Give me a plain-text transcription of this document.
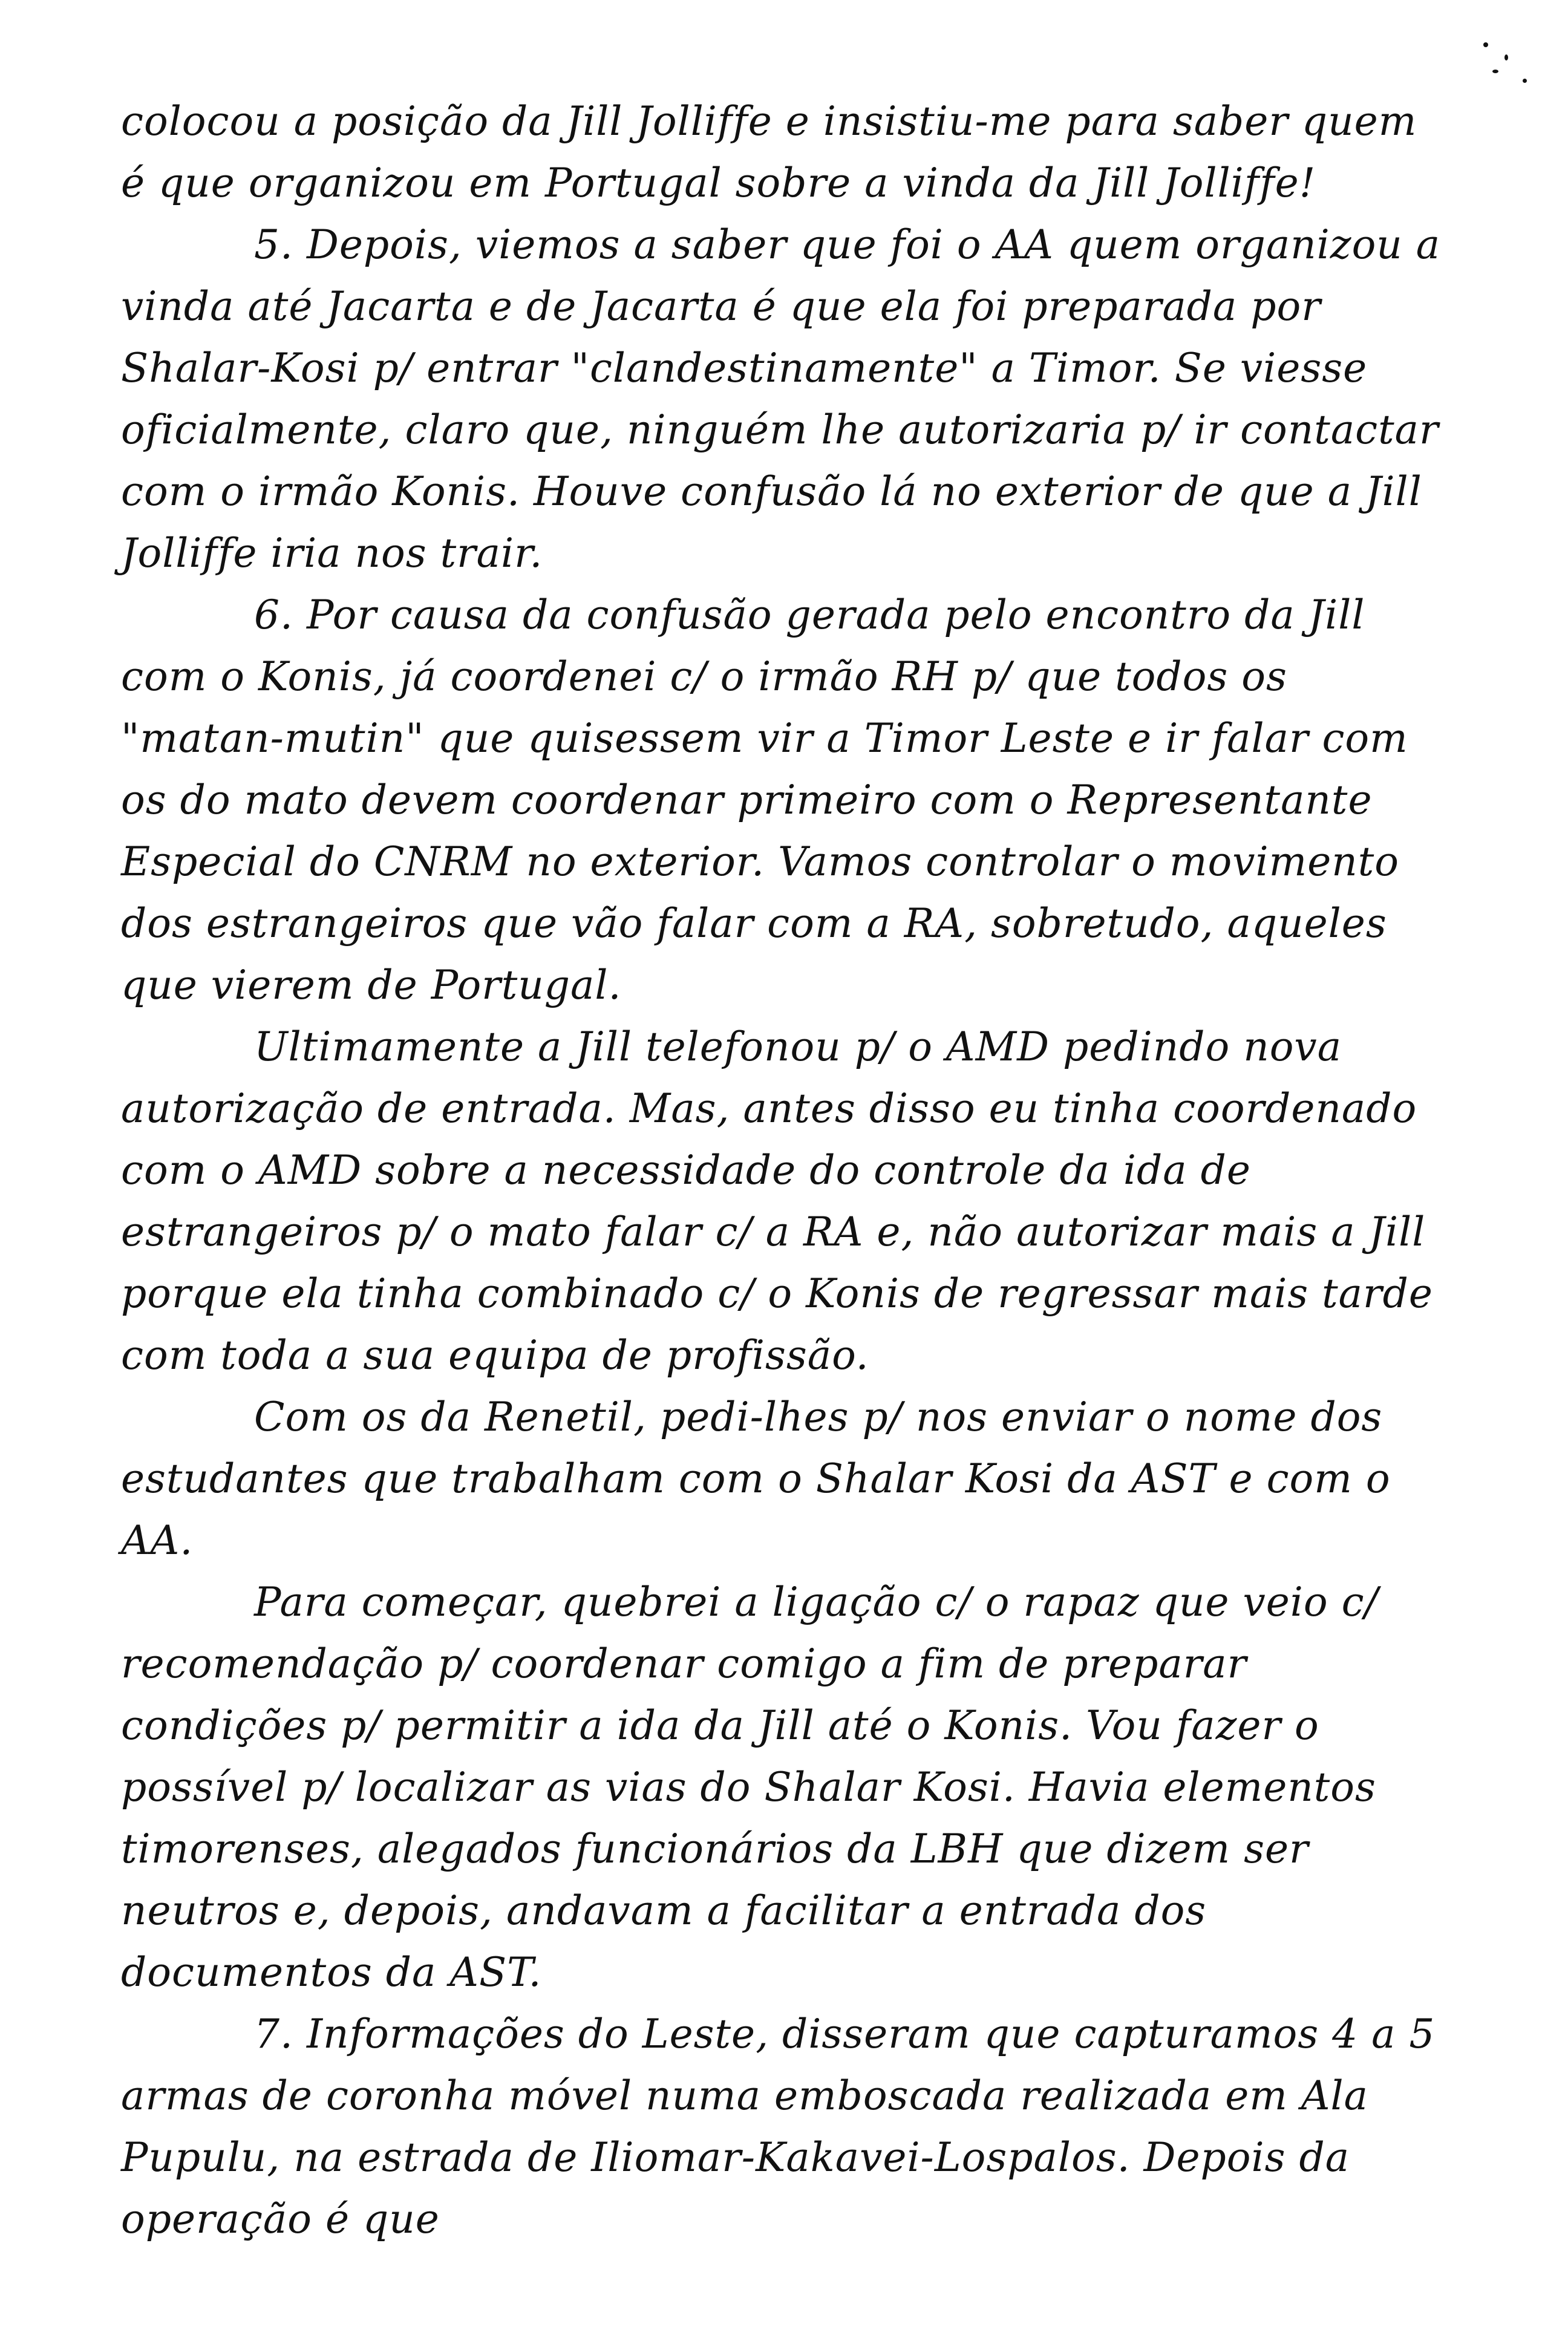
colocou a posição da Jill Jolliffe e insistiu-me para saber quem é que organizou em Portugal sobre a vinda da Jill Jolliffe!

5. Depois, viemos a saber que foi o AA quem organizou a vinda até Jacarta e de Jacarta é que ela foi preparada por Shalar-Kosi p/ entrar "clandestinamente" a Timor. Se viesse oficialmente, claro que, ninguém lhe autorizaria p/ ir contactar com o irmão Konis. Houve confusão lá no exterior de que a Jill Jolliffe iria nos trair.

6. Por causa da confusão gerada pelo encontro da Jill com o Konis, já coordenei c/ o irmão RH p/ que todos os "matan-mutin" que quisessem vir a Timor Leste e ir falar com os do mato devem coordenar primeiro com o Representante Especial do CNRM no exterior. Vamos controlar o movimento dos estrangeiros que vão falar com a RA, sobretudo, aqueles que vierem de Portugal.

Ultimamente a Jill telefonou p/ o AMD pedindo nova autorização de entrada. Mas, antes disso eu tinha coordenado com o AMD sobre a necessidade do controle da ida de estrangeiros p/ o mato falar c/ a RA e, não autorizar mais a Jill porque ela tinha combinado c/ o Konis de regressar mais tarde com toda a sua equipa de profissão.

Com os da Renetil, pedi-lhes p/ nos enviar o nome dos estudantes que trabalham com o Shalar Kosi da AST e com o AA.

Para começar, quebrei a ligação c/ o rapaz que veio c/ recomendação p/ coordenar comigo a fim de preparar condições p/ permitir a ida da Jill até o Konis. Vou fazer o possível p/ localizar as vias do Shalar Kosi. Havia elementos timorenses, alegados funcionários da LBH que dizem ser neutros e, depois, andavam a facilitar a entrada dos documentos da AST.

7. Informações do Leste, disseram que capturamos 4 a 5 armas de coronha móvel numa emboscada realizada em Ala Pupulu, na estrada de Iliomar-Kakavei-Lospalos. Depois da operação é que
